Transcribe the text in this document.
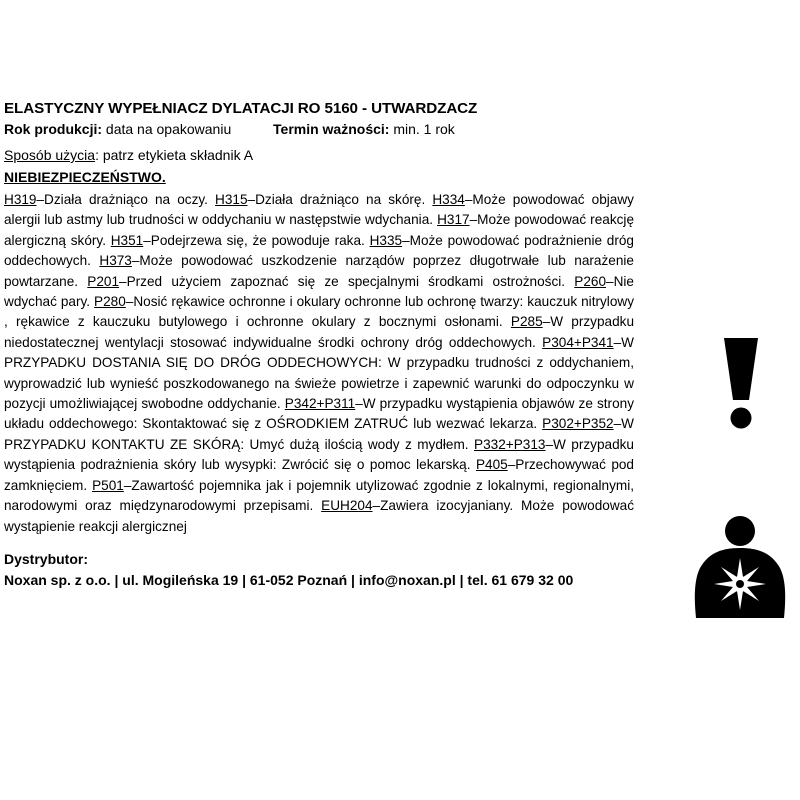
ELASTYCZNY WYPEŁNIACZ DYLATACJI RO 5160 - UTWARDZACZ
Rok produkcji: data na opakowaniu	Termin ważności: min. 1 rok
Sposób użycia: patrz etykieta składnik A
NIEBIEZPIECZEŃSTWO.

H319–Działa drażniąco na oczy. H315–Działa drażniąco na skórę. H334–Może powodować objawy alergii lub astmy lub trudności w oddychaniu w następstwie wdychania. H317–Może powodować reakcję alergiczną skóry. H351–Podejrzewa się, że powoduje raka. H335–Może powodować podrażnienie dróg oddechowych. H373–Może powodować uszkodzenie narządów poprzez długotrwałe lub narażenie powtarzane. P201–Przed użyciem zapoznać się ze specjalnymi środkami ostrożności. P260–Nie wdychać pary. P280–Nosić rękawice ochronne i okulary ochronne lub ochronę twarzy: kauczuk nitrylowy , rękawice z kauczuku butylowego i ochronne okulary z bocznymi osłonami. P285–W przypadku niedostatecznej wentylacji stosować indywidualne środki ochrony dróg oddechowych. P304+P341–W PRZYPADKU DOSTANIA SIĘ DO DRÓG ODDECHOWYCH: W przypadku trudności z oddychaniem, wyprowadzić lub wynieść poszkodowanego na świeże powietrze i zapewnić warunki do odpoczynku w pozycji umożliwiającej swobodne oddychanie. P342+P311–W przypadku wystąpienia objawów ze strony układu oddechowego: Skontaktować się z OŚRODKIEM ZATRUĆ lub wezwać lekarza. P302+P352–W PRZYPADKU KONTAKTU ZE SKÓRĄ: Umyć dużą ilością wody z mydłem. P332+P313–W przypadku wystąpienia podrażnienia skóry lub wysypki: Zwrócić się o pomoc lekarską. P405–Przechowywać pod zamknięciem. P501–Zawartość pojemnika jak i pojemnik utylizować zgodnie z lokalnymi, regionalnymi, narodowymi oraz międzynarodowymi przepisami. EUH204–Zawiera izocyjaniany. Może powodować wystąpienie reakcji alergicznej

Dystrybutor:
Noxan sp. z o.o. | ul. Mogileńska 19 | 61-052 Poznań | info@noxan.pl | tel. 61 679 32 00
